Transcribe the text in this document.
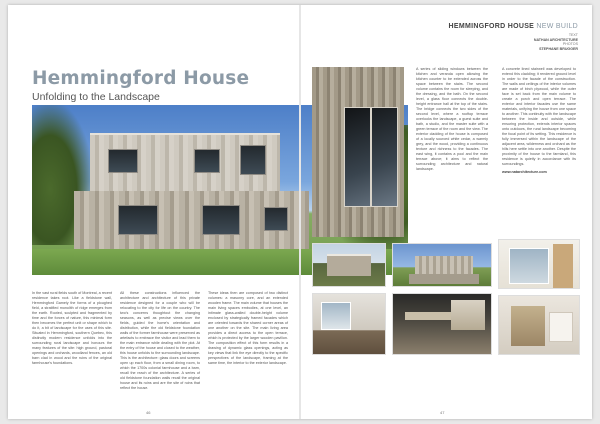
Hemmingford House
Unfolding to the Landscape
In the vast rural fields south of Montreal, a recent residence takes root. Like a fieldstone wall, Hemmingford Gamely the forms of a ploughed field, a stratified monolith of ridge emerges from the earth. Rooted, sculpted and fragmented by time and the forces of nature, this minimal form then becomes the perfect unit or shape which to do it, a bit of landscape for the uses of this site. Situated in Hemmingford, southern Quebec, this distinctly modern residence unfolds into the surrounding rural landscape and honours the many features of the site: high ground, pastoral openings and orchards, woodland fences, an old barn clad in wood and the ruins of the original farmhouse's foundations.
All these constructions influenced the architecture and architecture of this private residence designed for a couple who will be relocating to the city for life on the country. The two's concerns thoughtout the changing seasons, as well as precise views over the fields, guided the home's orientation and distribution, while the old fieldstone foundation walls of the former farmhouse were preserved as artefacts to embrace the visitor and lead them to the main entrance while dealing with the plot. At the entry of the house and closed to the weather, this house unfolds to the surrounding landscape. This is the architecture: glass doors and screens open up each floor, from a small dining room, to which the 1700s colonial farmhouse and a barn, recall the reach of the architecture. A series of old fieldstone foundation walls recall the original house and its ruins and are the site of ruins that reflect the house.
These ideas then are composed of two distinct volumes: a masonry core, and an extended wooden frame. The main volume that houses the main living spaces embodies, at one level, an intimate glass-walled double-height volume enclosed by strategically framed facades which are oriented towards the shared corner areas of one another on the site. The main living area provides a direct access to the open terrace, which is protected by the larger wooden pavilion. The composition effect of this form results in a drawing of dynamic glass openings, acting as key views that link the eye directly to the specific perspectives of the landscape, framing at the same time, the interior to the exterior landscape.
46
HEMMINGFORD HOUSE NEW BUILD
TEXT
NATHAN ARCHITECTURE
PHOTOS
STEPHANE BRUGGER
A series of sliding windows between the kitchen and veranda open allowing the kitchen counter to be extended across the space between the stairs. The second volume contains the room for sleeping, and the dressing, and the bath. On the second level, a glass floor connects the double-height entrance hall at the top of the stairs. The bridge connects the two sides of the second level, where a rooftop terrace overlooks the landscape, a guest suite and bath, a studio, and the master suite with a green terrace of the room and the view. The exterior cladding of the house is composed of a locally sourced white cedar, a warmly grey, and the wood, providing a continuous texture and richness to the facades. The east wing, it contains a pool and the main terrace above; it aims to reflect the surrounding architecture and natural landscape.
A concrete lined stairwell was developed to extend this cladding; it rendered ground level in order to the facade of the construction. The walls and ceilings of the interior volumes are made of birch plywood, while the outer face is set back from the main volume to create a porch and open terrace. The exterior and interior facades use the same materials, unifying the house from one space to another. This continuity with the landscape between the inside and outside, while ensuring protection, extends interior spaces onto outdoors, the rural landscape becoming the focal point of its setting. This residence is fully immersed within the landscape of the adjacent area, wilderness and orchard as the hills here settle into one another. Despite the proximity of the house to the farmland, this residence is quietly in accordance with its surroundings.
www.natarchitecture.com
47
